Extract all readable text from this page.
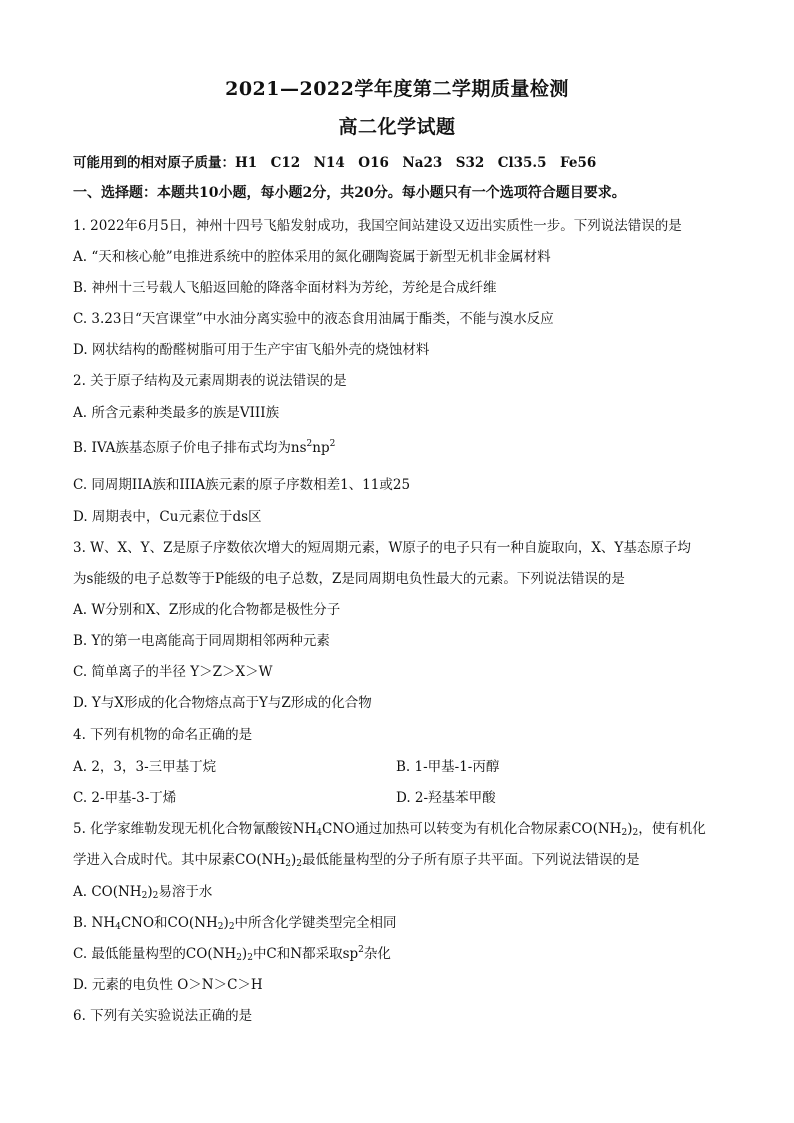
2021—2022学年度第二学期质量检测
高二化学试题
可能用到的相对原子质量：H1　C12　N14　O16　Na23　S32　Cl35.5　Fe56
一、选择题：本题共10小题，每小题2分，共20分。每小题只有一个选项符合题目要求。
1. 2022年6月5日，神州十四号飞船发射成功，我国空间站建设又迈出实质性一步。下列说法错误的是
A. “天和核心舱”电推进系统中的腔体采用的氮化硼陶瓷属于新型无机非金属材料
B. 神州十三号载人飞船返回舱的降落伞面材料为芳纶，芳纶是合成纤维
C. 3.23日“天宫课堂”中水油分离实验中的液态食用油属于酯类，不能与溴水反应
D. 网状结构的酚醛树脂可用于生产宇宙飞船外壳的烧蚀材料
2. 关于原子结构及元素周期表的说法错误的是
A. 所含元素种类最多的族是VIII族
B. IVA族基态原子价电子排布式均为$ns^2np^2$
C. 同周期IIA族和IIIA族元素的原子序数相差1、11或25
D. 周期表中，Cu元素位于ds区
3. W、X、Y、Z是原子序数依次增大的短周期元素，W原子的电子只有一种自旋取向，X、Y基态原子均
为s能级的电子总数等于P能级的电子总数，Z是同周期电负性最大的元素。下列说法错误的是
A. W分别和X、Z形成的化合物都是极性分子
B. Y的第一电离能高于同周期相邻两种元素
C. 简单离子的半径 Y＞Z＞X＞W
D. Y与X形成的化合物熔点高于Y与Z形成的化合物
4. 下列有机物的命名正确的是
A. 2，3，3-三甲基丁烷	B. 1-甲基-1-丙醇
C. 2-甲基-3-丁烯	D. 2-羟基苯甲酸
5. 化学家维勒发现无机化合物氰酸铵$NH_4CNO$通过加热可以转变为有机化合物尿素$CO(NH_2)_2$，使有机化
学进入合成时代。其中尿素$CO(NH_2)_2$最低能量构型的分子所有原子共平面。下列说法错误的是
A. $CO(NH_2)_2$易溶于水
B. $NH_4CNO$和$CO(NH_2)_2$中所含化学键类型完全相同
C. 最低能量构型的$CO(NH_2)_2$中C和N都采取$sp^2$杂化
D. 元素的电负性 O＞N＞C＞H
6. 下列有关实验说法正确的是
